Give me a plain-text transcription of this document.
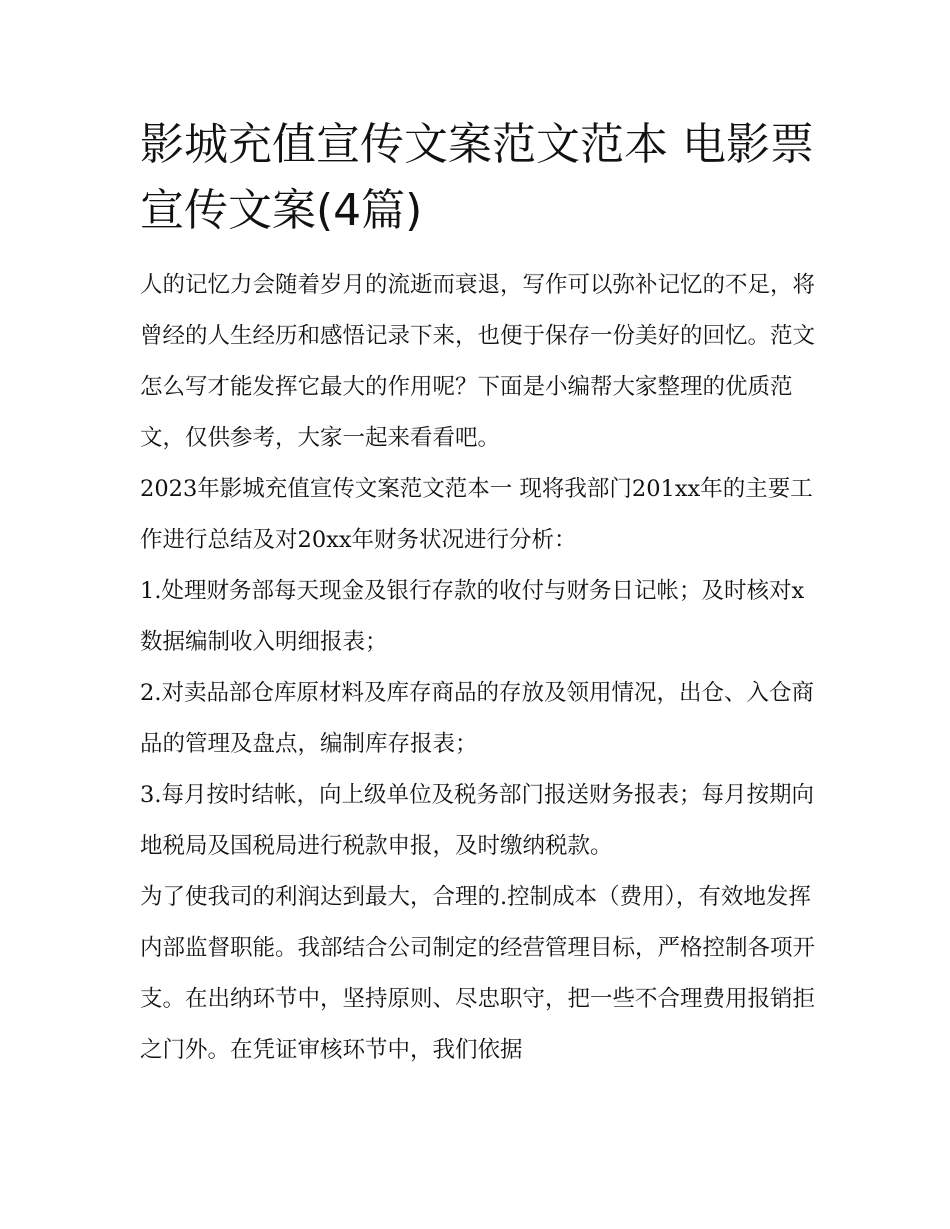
影城充值宣传文案范文范本 电影票宣传文案(4篇)

人的记忆力会随着岁月的流逝而衰退，写作可以弥补记忆的不足，将曾经的人生经历和感悟记录下来，也便于保存一份美好的回忆。范文怎么写才能发挥它最大的作用呢？下面是小编帮大家整理的优质范文，仅供参考，大家一起来看看吧。

2023年影城充值宣传文案范文范本一 现将我部门201xx年的主要工作进行总结及对20xx年财务状况进行分析：

1.处理财务部每天现金及银行存款的收付与财务日记帐；及时核对x数据编制收入明细报表；

2.对卖品部仓库原材料及库存商品的存放及领用情况，出仓、入仓商品的管理及盘点，编制库存报表；

3.每月按时结帐，向上级单位及税务部门报送财务报表；每月按期向地税局及国税局进行税款申报，及时缴纳税款。

为了使我司的利润达到最大，合理的.控制成本（费用），有效地发挥内部监督职能。我部结合公司制定的经营管理目标，严格控制各项开支。在出纳环节中，坚持原则、尽忠职守，把一些不合理费用报销拒之门外。在凭证审核环节中，我们依据
